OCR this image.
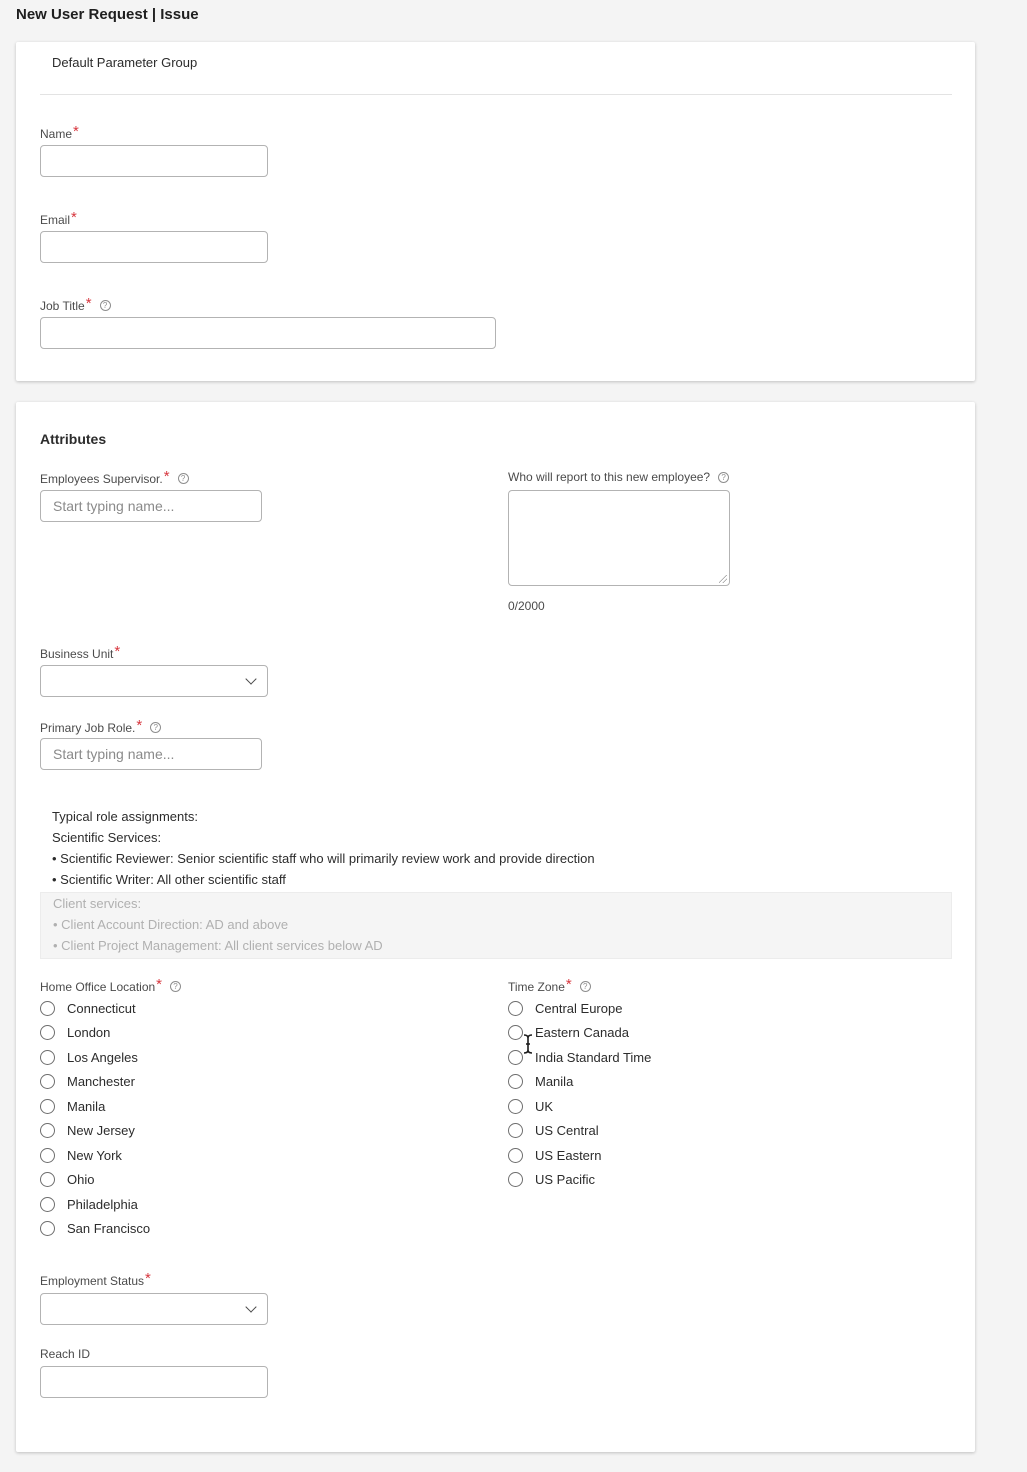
New User Request | Issue
Default Parameter Group
Name *
Email *
Job Title *	?
Attributes
Employees Supervisor. *	?
Start typing name...
Who will report to this new employee?	?
0/2000
Business Unit *
Primary Job Role. *	?
Start typing name...
Typical role assignments:
Scientific Services:
• Scientific Reviewer: Senior scientific staff who will primarily review work and provide direction
• Scientific Writer: All other scientific staff
Client services:
• Client Account Direction: AD and above
• Client Project Management: All client services below AD
Home Office Location *	?
Connecticut
London
Los Angeles
Manchester
Manila
New Jersey
New York
Ohio
Philadelphia
San Francisco
Time Zone *	?
Central Europe
Eastern Canada
India Standard Time
Manila
UK
US Central
US Eastern
US Pacific
Employment Status *
Reach ID
